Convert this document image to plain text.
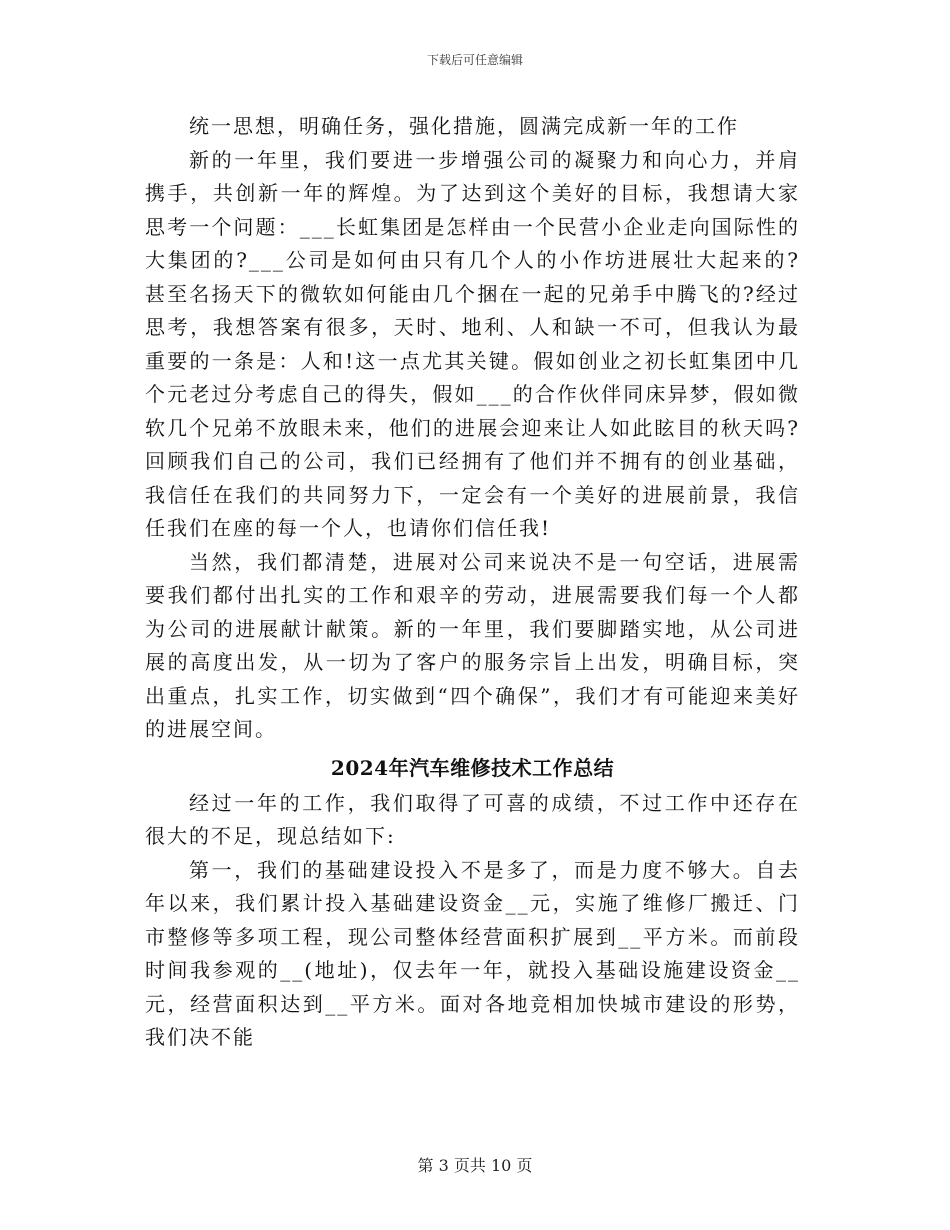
下载后可任意编辑

统一思想，明确任务，强化措施，圆满完成新一年的工作

新的一年里，我们要进一步增强公司的凝聚力和向心力，并肩携手，共创新一年的辉煌。为了达到这个美好的目标，我想请大家思考一个问题：___长虹集团是怎样由一个民营小企业走向国际性的大集团的?___公司是如何由只有几个人的小作坊进展壮大起来的?甚至名扬天下的微软如何能由几个捆在一起的兄弟手中腾飞的?经过思考，我想答案有很多，天时、地利、人和缺一不可，但我认为最重要的一条是：人和!这一点尤其关键。假如创业之初长虹集团中几个元老过分考虑自己的得失，假如___的合作伙伴同床异梦，假如微软几个兄弟不放眼未来，他们的进展会迎来让人如此眩目的秋天吗?回顾我们自己的公司，我们已经拥有了他们并不拥有的创业基础，我信任在我们的共同努力下，一定会有一个美好的进展前景，我信任我们在座的每一个人，也请你们信任我!

当然，我们都清楚，进展对公司来说决不是一句空话，进展需要我们都付出扎实的工作和艰辛的劳动，进展需要我们每一个人都为公司的进展献计献策。新的一年里，我们要脚踏实地，从公司进展的高度出发，从一切为了客户的服务宗旨上出发，明确目标，突出重点，扎实工作，切实做到“四个确保”，我们才有可能迎来美好的进展空间。

2024年汽车维修技术工作总结

经过一年的工作，我们取得了可喜的成绩，不过工作中还存在很大的不足，现总结如下:

第一，我们的基础建设投入不是多了，而是力度不够大。自去年以来，我们累计投入基础建设资金__元，实施了维修厂搬迁、门市整修等多项工程，现公司整体经营面积扩展到__平方米。而前段时间我参观的__(地址)，仅去年一年，就投入基础设施建设资金__元，经营面积达到__平方米。面对各地竞相加快城市建设的形势，我们决不能

第 3 页共 10 页
